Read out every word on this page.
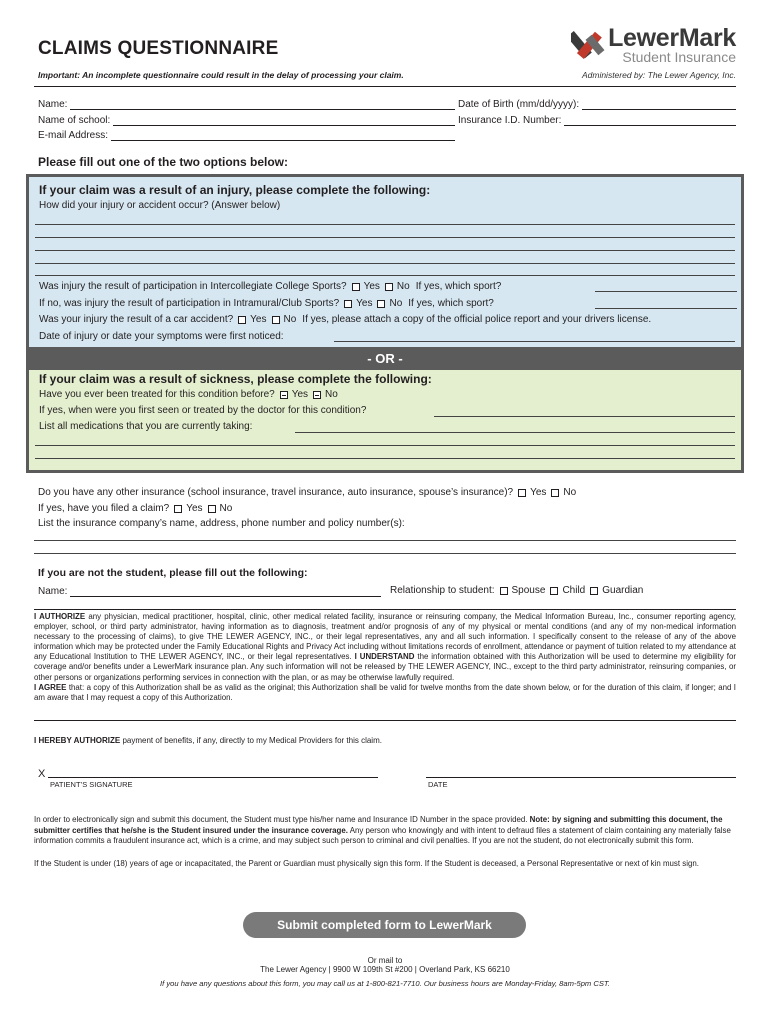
CLAIMS QUESTIONNAIRE	LewerMark
Student Insurance
Important: An incomplete questionnaire could result in the delay of processing your claim.	Administered by: The Lewer Agency, Inc.
Name:	Date of Birth (mm/dd/yyyy):
Name of school:	Insurance I.D. Number:
E-mail Address:
Please fill out one of the two options below:
If your claim was a result of an injury, please complete the following:
How did your injury or accident occur? (Answer below)
Was injury the result of participation in Intercollegiate College Sports? Yes No If yes, which sport?
If no, was injury the result of participation in Intramural/Club Sports? Yes No If yes, which sport?
Was your injury the result of a car accident? Yes No If yes, please attach a copy of the official police report and your drivers license.
Date of injury or date your symptoms were first noticed:
- OR -
If your claim was a result of sickness, please complete the following:
Have you ever been treated for this condition before? Yes No
If yes, when were you first seen or treated by the doctor for this condition?
List all medications that you are currently taking:
Do you have any other insurance (school insurance, travel insurance, auto insurance, spouse’s insurance)? Yes No
If yes, have you filed a claim? Yes No
List the insurance company’s name, address, phone number and policy number(s):
If you are not the student, please fill out the following:
Name:	Relationship to student: Spouse Child Guardian
I AUTHORIZE any physician, medical practitioner, hospital, clinic, other medical related facility, insurance or reinsuring company, the Medical Information Bureau, Inc., consumer reporting agency, employer, school, or third party administrator, having information as to diagnosis, treatment and/or prognosis of any of my physical or mental conditions (and any of my non-medical information necessary to the processing of claims), to give THE LEWER AGENCY, INC., or their legal representatives, any and all such information. I specifically consent to the release of any of the above information which may be protected under the Family Educational Rights and Privacy Act including without limitations records of enrollment, attendance or payment of tuition related to my attendance at any Educational Institution to THE LEWER AGENCY, INC., or their legal representatives. I UNDERSTAND the information obtained with this Authorization will be used to determine my eligibility for coverage and/or benefits under a LewerMark insurance plan. Any such information will not be released by THE LEWER AGENCY, INC., except to the third party administrator, reinsuring companies, or other persons or organizations performing services in connection with the plan, or as may be otherwise lawfully required.
I AGREE that: a copy of this Authorization shall be as valid as the original; this Authorization shall be valid for twelve months from the date shown below, or for the duration of this claim, if longer; and I am aware that I may request a copy of this Authorization.
I HEREBY AUTHORIZE payment of benefits, if any, directly to my Medical Providers for this claim.
X
PATIENT’S SIGNATURE	DATE
In order to electronically sign and submit this document, the Student must type his/her name and Insurance ID Number in the space provided. Note: by signing and submitting this document, the submitter certifies that he/she is the Student insured under the insurance coverage. Any person who knowingly and with intent to defraud files a statement of claim containing any materially false information commits a fraudulent insurance act, which is a crime, and may subject such person to criminal and civil penalties. If you are not the student, do not electronically submit this form.
If the Student is under (18) years of age or incapacitated, the Parent or Guardian must physically sign this form. If the Student is deceased, a Personal Representative or next of kin must sign.
Submit completed form to LewerMark
Or mail to
The Lewer Agency | 9900 W 109th St #200 | Overland Park, KS 66210
If you have any questions about this form, you may call us at 1-800-821-7710. Our business hours are Monday-Friday, 8am-5pm CST.
